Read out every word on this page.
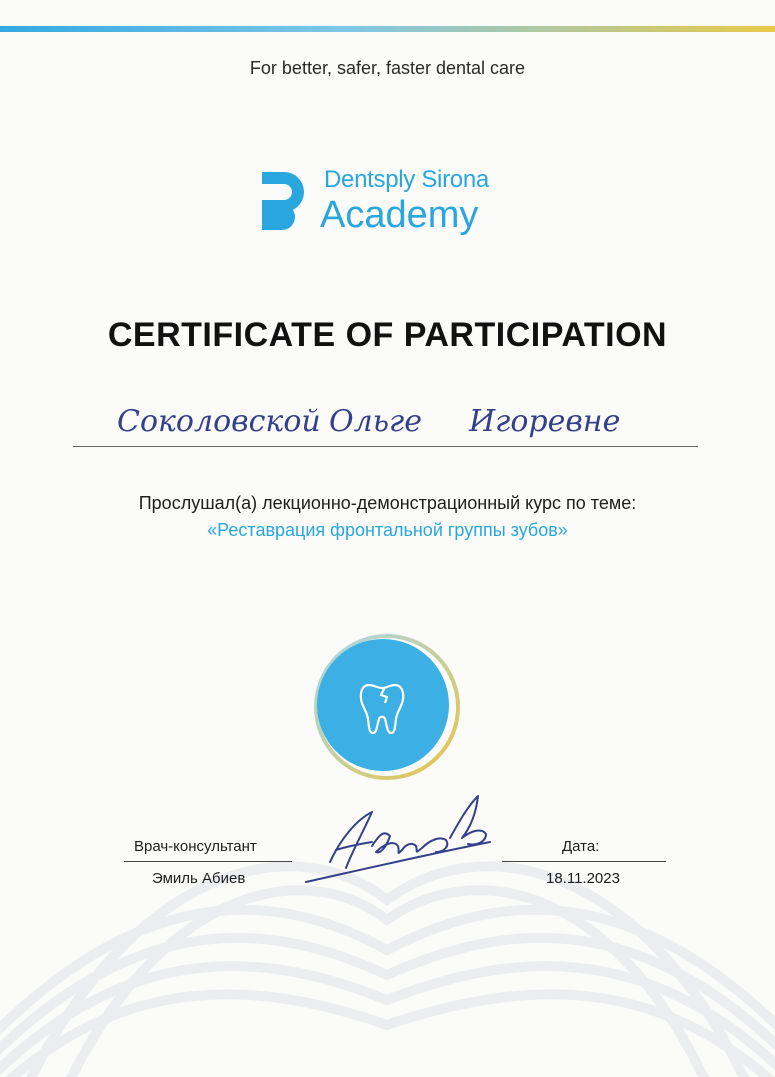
For better, safer, faster dental care
Dentsply Sirona
Academy
CERTIFICATE OF PARTICIPATION
Соколовской Ольге Игоревне
Прослушал(а) лекционно-демонстрационный курс по теме:
«Реставрация фронтальной группы зубов»
Врач-консультант
Эмиль Абиев
Дата:
18.11.2023
